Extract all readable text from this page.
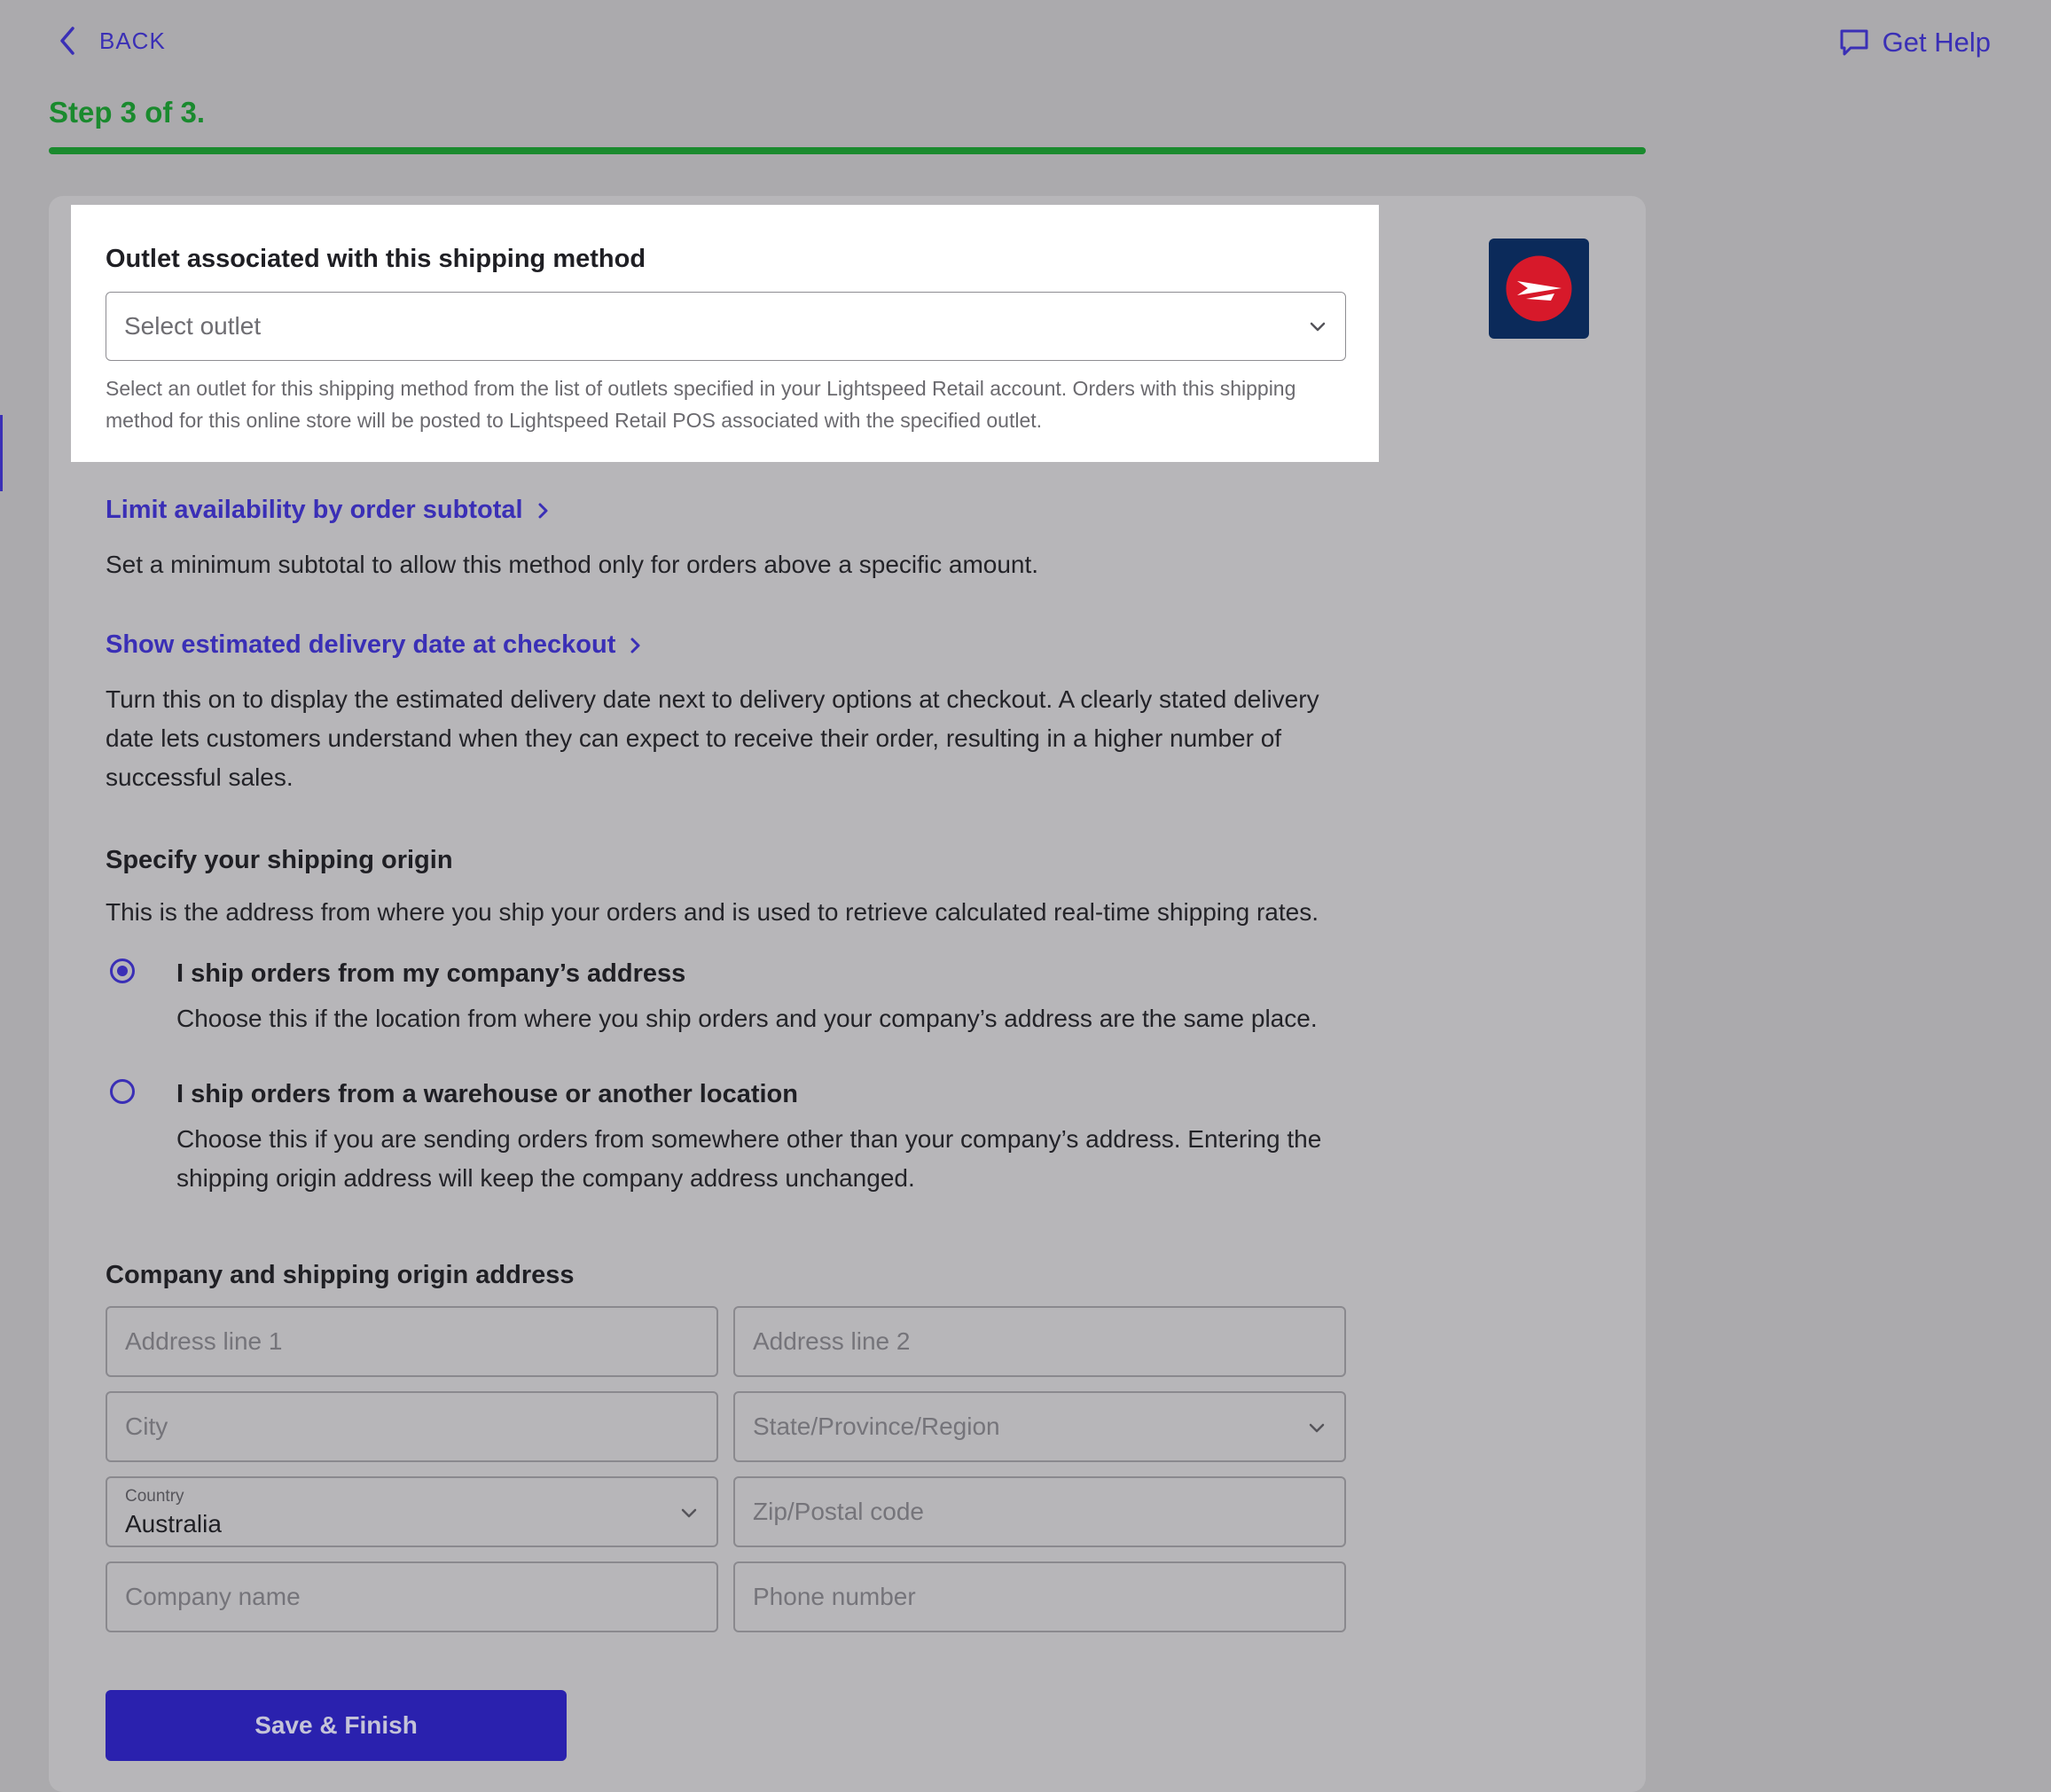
BACK	Get Help
Step 3 of 3.
Outlet associated with this shipping method
Select outlet
Select an outlet for this shipping method from the list of outlets specified in your Lightspeed Retail account. Orders with this shipping method for this online store will be posted to Lightspeed Retail POS associated with the specified outlet.
Limit availability by order subtotal
Set a minimum subtotal to allow this method only for orders above a specific amount.
Show estimated delivery date at checkout
Turn this on to display the estimated delivery date next to delivery options at checkout. A clearly stated delivery date lets customers understand when they can expect to receive their order, resulting in a higher number of successful sales.
Specify your shipping origin
This is the address from where you ship your orders and is used to retrieve calculated real-time shipping rates.
I ship orders from my company’s address
Choose this if the location from where you ship orders and your company’s address are the same place.
I ship orders from a warehouse or another location
Choose this if you are sending orders from somewhere other than your company’s address. Entering the shipping origin address will keep the company address unchanged.
Company and shipping origin address
Address line 1	Address line 2
City	State/Province/Region
Country
Australia	Zip/Postal code
Company name	Phone number
Save & Finish
